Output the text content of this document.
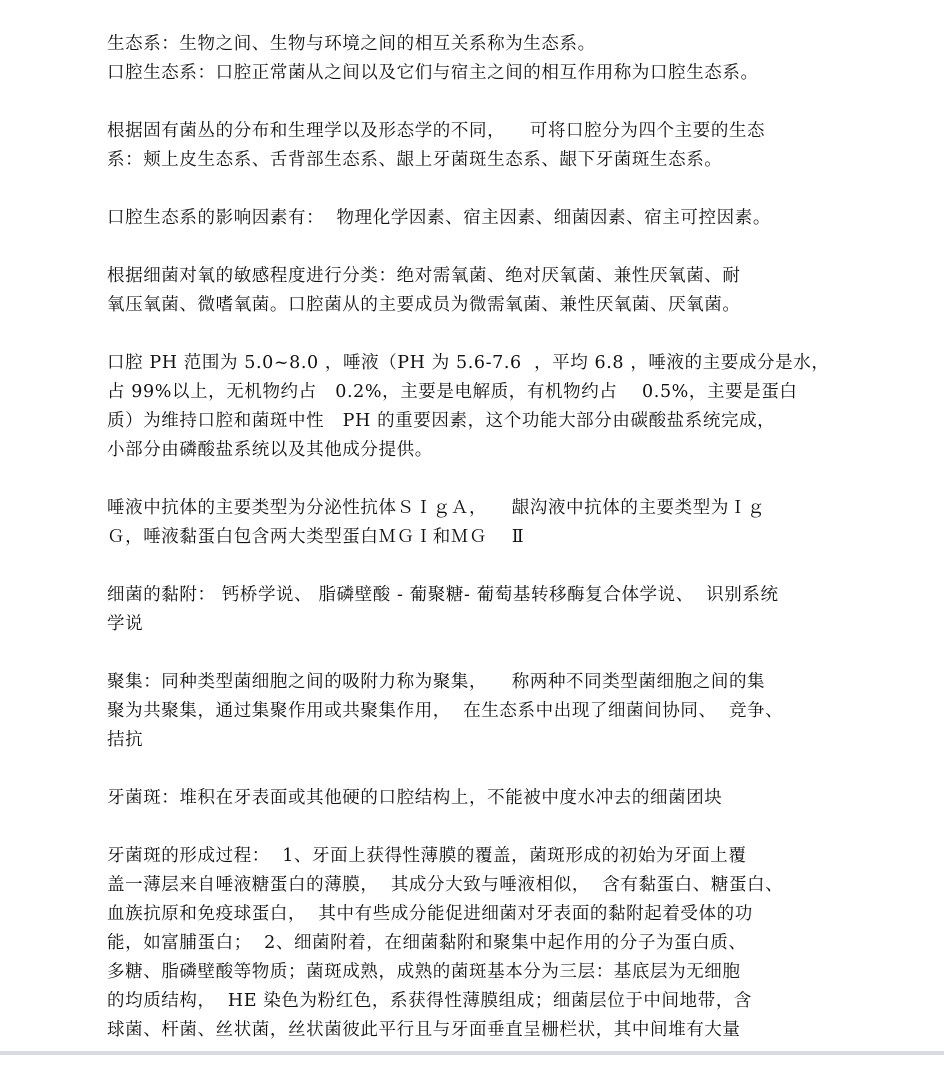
生态系：生物之间、生物与环境之间的相互关系称为生态系。
口腔生态系：口腔正常菌从之间以及它们与宿主之间的相互作用称为口腔生态系。
根据固有菌丛的分布和生理学以及形态学的不同，    可将口腔分为四个主要的生态
系：颊上皮生态系、舌背部生态系、龈上牙菌斑生态系、龈下牙菌斑生态系。
口腔生态系的影响因素有：  物理化学因素、宿主因素、细菌因素、宿主可控因素。
根据细菌对氧的敏感程度进行分类：绝对需氧菌、绝对厌氧菌、兼性厌氧菌、耐
氧压氧菌、微嗜氧菌。口腔菌从的主要成员为微需氧菌、兼性厌氧菌、厌氧菌。
口腔 PH 范围为 5.0~8.0 ，唾液（PH 为 5.6-7.6  ，平均 6.8 ，唾液的主要成分是水，
占 99%以上，无机物约占   0.2%，主要是电解质，有机物约占    0.5%，主要是蛋白
质）为维持口腔和菌斑中性   PH 的重要因素，这个功能大部分由碳酸盐系统完成，
小部分由磷酸盐系统以及其他成分提供。
唾液中抗体的主要类型为分泌性抗体ＳＩｇＡ，    龈沟液中抗体的主要类型为Ｉｇ
Ｇ，唾液黏蛋白包含两大类型蛋白ＭＧＩ和ＭＧ    Ⅱ
细菌的黏附： 钙桥学说、 脂磷壁酸 - 葡聚糖- 葡萄基转移酶复合体学说、  识别系统
学说
聚集：同种类型菌细胞之间的吸附力称为聚集，    称两种不同类型菌细胞之间的集
聚为共聚集，通过集聚作用或共聚集作用，  在生态系中出现了细菌间协同、  竞争、
拮抗
牙菌斑：堆积在牙表面或其他硬的口腔结构上，不能被中度水冲去的细菌团块
牙菌斑的形成过程：  1、牙面上获得性薄膜的覆盖，菌斑形成的初始为牙面上覆
盖一薄层来自唾液糖蛋白的薄膜，  其成分大致与唾液相似，  含有黏蛋白、糖蛋白、
血族抗原和免疫球蛋白，  其中有些成分能促进细菌对牙表面的黏附起着受体的功
能，如富脯蛋白；  2、细菌附着，在细菌黏附和聚集中起作用的分子为蛋白质、
多糖、脂磷壁酸等物质；菌斑成熟，成熟的菌斑基本分为三层：基底层为无细胞
的均质结构，  HE 染色为粉红色，系获得性薄膜组成；细菌层位于中间地带，含
球菌、杆菌、丝状菌，丝状菌彼此平行且与牙面垂直呈栅栏状，其中间堆有大量
